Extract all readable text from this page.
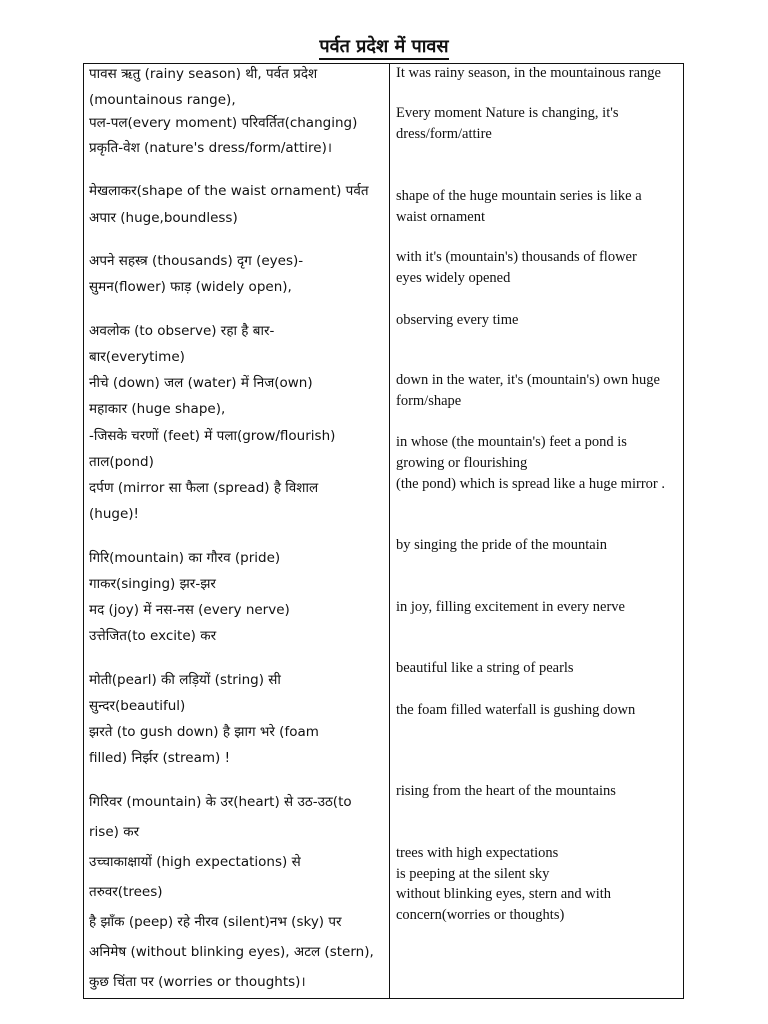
पर्वत प्रदेश में पावस
पावस ऋतु (rainy season) थी, पर्वत प्रदेश
(mountainous range),
पल-पल(every moment) परिवर्तित(changing)
प्रकृति-वेश (nature's dress/form/attire)।
मेखलाकर(shape of the waist ornament) पर्वत
अपार (huge,boundless)
अपने सहस्त्र (thousands) दृग (eyes)-
सुमन(flower) फाड़ (widely open),
अवलोक (to observe) रहा है बार-
बार(everytime)
नीचे (down) जल (water) में निज(own)
महाकार (huge shape),
-जिसके चरणों (feet) में पला(grow/flourish)
ताल(pond)
दर्पण (mirror सा फैला (spread) है विशाल
(huge)!
गिरि(mountain) का गौरव (pride)
गाकर(singing) झर-झर
मद (joy) में नस-नस (every nerve)
उत्तेजित(to excite) कर
मोती(pearl) की लड़ियों (string) सी
सुन्दर(beautiful)
झरते (to gush down) है झाग भरे (foam
filled) निर्झर (stream) !
गिरिवर (mountain) के उर(heart) से उठ-उठ(to
rise) कर
उच्चाकाक्षायों (high expectations) से
तरुवर(trees)
है झाँक (peep) रहे नीरव (silent)नभ (sky) पर
अनिमेष (without blinking eyes), अटल (stern),
कुछ चिंता पर (worries or thoughts)।
It was rainy season, in the mountainous range
Every moment Nature is changing, it's
dress/form/attire
shape of the huge mountain series is like a
waist ornament
with it's (mountain's) thousands of flower
eyes widely opened
observing every time
down in the water, it's (mountain's) own huge
form/shape
in whose (the mountain's) feet a pond is
growing or flourishing
(the pond) which is spread like a huge mirror .
by singing the pride of the mountain
in joy, filling excitement in every nerve
beautiful like a string of pearls
the foam filled waterfall is gushing down
rising from the heart of the mountains
trees with high expectations
is peeping at the silent sky
without blinking eyes, stern and with
concern(worries or thoughts)
